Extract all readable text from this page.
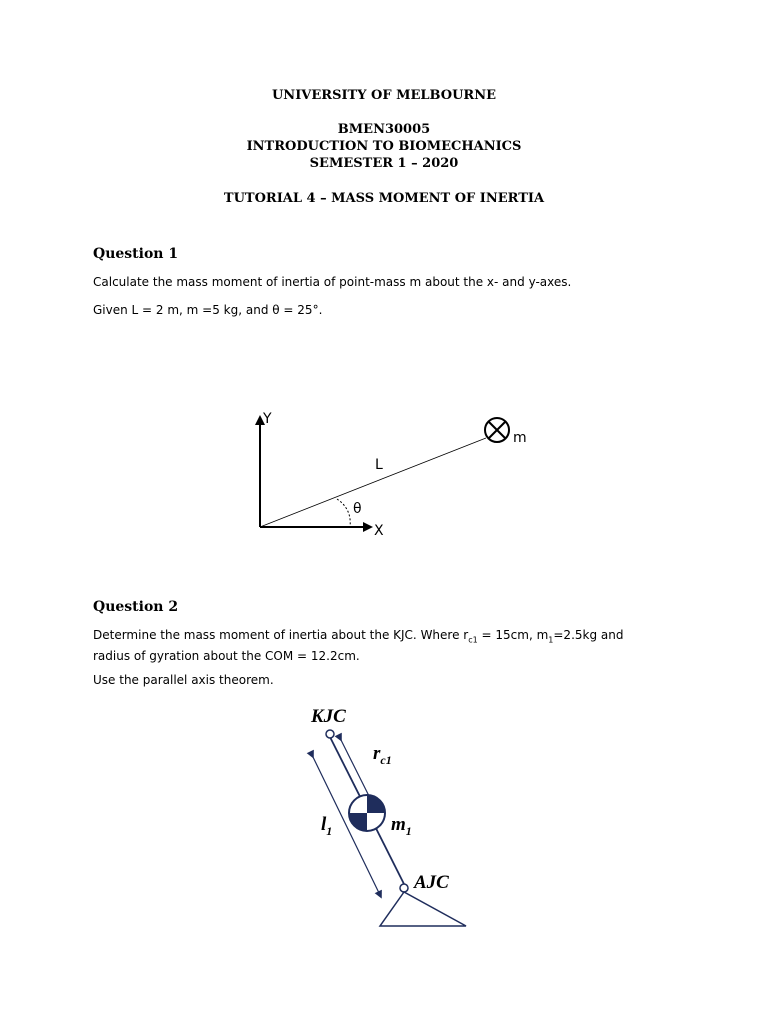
UNIVERSITY OF MELBOURNE
BMEN30005
INTRODUCTION TO BIOMECHANICS
SEMESTER 1 – 2020
TUTORIAL 4 – MASS MOMENT OF INERTIA
Question 1
Calculate the mass moment of inertia of point-mass m about the x- and y-axes.
Given L = 2 m, m =5 kg, and θ = 25°.
Y
X
L
θ
m
KJC
AJC
$r_{c1}$
$l_1$	$m_1$
Question 2
Determine the mass moment of inertia about the KJC. Where $r_{c1} = 15cm$, $m_1=2.5kg$ and radius of gyration about the COM = 12.2cm.
Use the parallel axis theorem.
